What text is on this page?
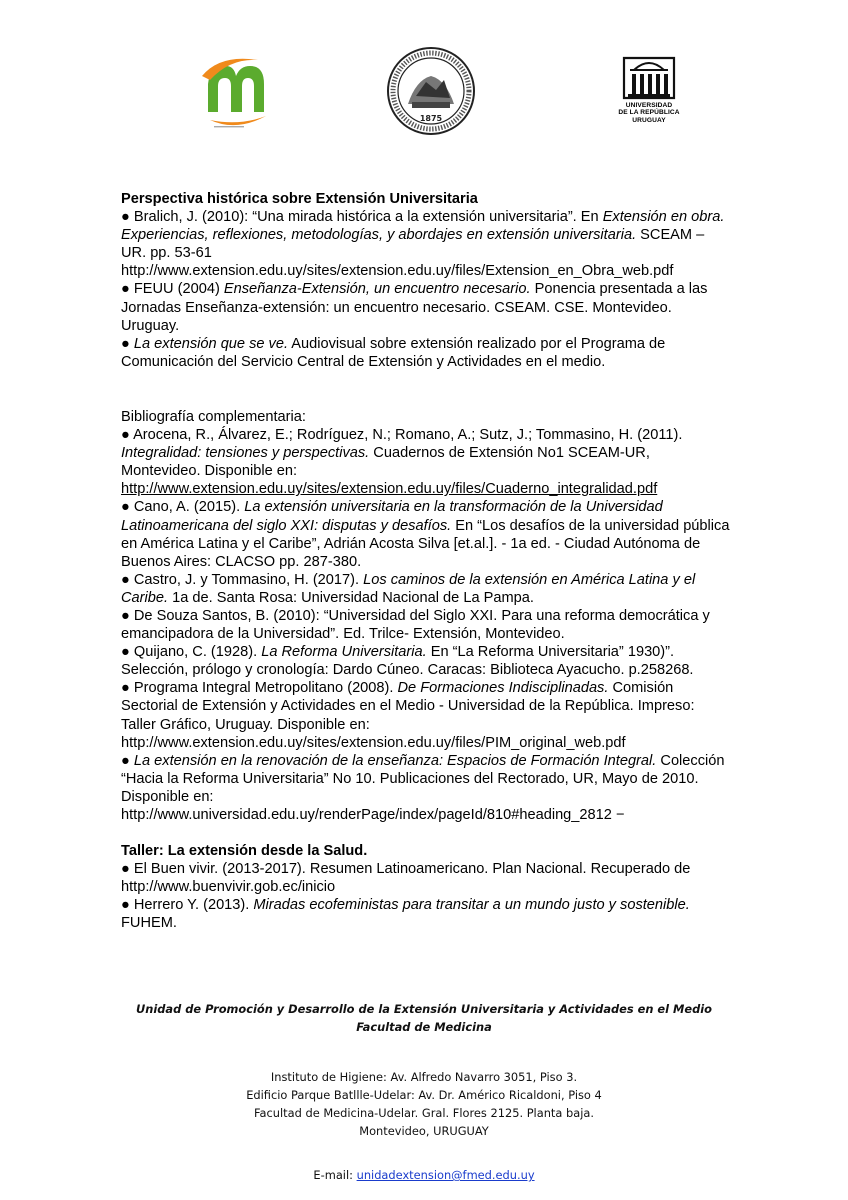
1875
UNIVERSIDAD
DE LA REPÚBLICA
URUGUAY

Perspectiva histórica sobre Extensión Universitaria

● Bralich, J. (2010): “Una mirada histórica a la extensión universitaria”. En Extensión en obra. Experiencias, reflexiones, metodologías, y abordajes en extensión universitaria. SCEAM – UR. pp. 53-61
http://www.extension.edu.uy/sites/extension.edu.uy/files/Extension_en_Obra_web.pdf

● FEUU (2004) Enseñanza-Extensión, un encuentro necesario. Ponencia presentada a las Jornadas Enseñanza-extensión: un encuentro necesario. CSEAM. CSE. Montevideo. Uruguay.

● La extensión que se ve. Audiovisual sobre extensión realizado por el Programa de Comunicación del Servicio Central de Extensión y Actividades en el medio.

Bibliografía complementaria:

● Arocena, R., Álvarez, E.; Rodríguez, N.; Romano, A.; Sutz, J.; Tommasino, H. (2011). Integralidad: tensiones y perspectivas. Cuadernos de Extensión No1 SCEAM-UR, Montevideo. Disponible en:
http://www.extension.edu.uy/sites/extension.edu.uy/files/Cuaderno_integralidad.pdf

● Cano, A. (2015). La extensión universitaria en la transformación de la Universidad Latinoamericana del siglo XXI: disputas y desafíos. En “Los desafíos de la universidad pública en América Latina y el Caribe”, Adrián Acosta Silva [et.al.]. - 1a ed. - Ciudad Autónoma de Buenos Aires: CLACSO pp. 287-380.

● Castro, J. y Tommasino, H. (2017). Los caminos de la extensión en América Latina y el Caribe. 1a de. Santa Rosa: Universidad Nacional de La Pampa.

● De Souza Santos, B. (2010): “Universidad del Siglo XXI. Para una reforma democrática y emancipadora de la Universidad”. Ed. Trilce- Extensión, Montevideo.

● Quijano, C. (1928). La Reforma Universitaria. En “La Reforma Universitaria” 1930)”. Selección, prólogo y cronología: Dardo Cúneo. Caracas: Biblioteca Ayacucho. p.258268.

● Programa Integral Metropolitano (2008). De Formaciones Indisciplinadas. Comisión Sectorial de Extensión y Actividades en el Medio - Universidad de la República. Impreso: Taller Gráfico, Uruguay. Disponible en:
http://www.extension.edu.uy/sites/extension.edu.uy/files/PIM_original_web.pdf

● La extensión en la renovación de la enseñanza: Espacios de Formación Integral. Colección “Hacia la Reforma Universitaria” No 10. Publicaciones del Rectorado, UR, Mayo de 2010. Disponible en:
http://www.universidad.edu.uy/renderPage/index/pageId/810#heading_2812 −

Taller: La extensión desde la Salud.

● El Buen vivir. (2013-2017). Resumen Latinoamericano. Plan Nacional. Recuperado de http://www.buenvivir.gob.ec/inicio

● Herrero Y. (2013). Miradas ecofeministas para transitar a un mundo justo y sostenible. FUHEM.

Unidad de Promoción y Desarrollo de la Extensión Universitaria y Actividades en el Medio
Facultad de Medicina
Instituto de Higiene: Av. Alfredo Navarro 3051, Piso 3.
Edificio Parque Batllle-Udelar: Av. Dr. Américo Ricaldoni, Piso 4
Facultad de Medicina-Udelar. Gral. Flores 2125. Planta baja.
Montevideo, URUGUAY
E-mail: unidadextension@fmed.edu.uy
